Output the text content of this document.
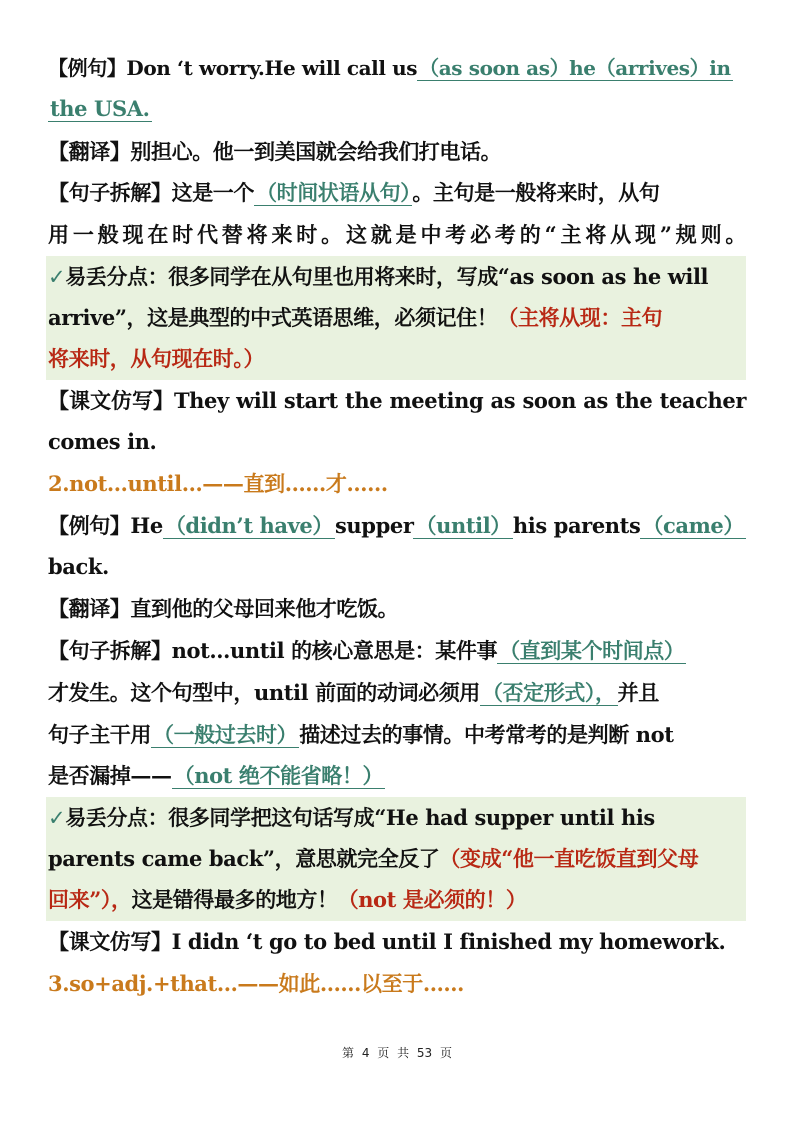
【例句】Don ‘t worry.He will call us （as soon as）he（arrives）in
the USA.
【翻译】别担心。他一到美国就会给我们打电话。
【句子拆解】这是一个（时间状语从句）。主句是一般将来时，从句
用一般现在时代替将来时。这就是中考必考的“主将从现”规则。
✓易丢分点：很多同学在从句里也用将来时，写成“as soon as he will
arrive”，这是典型的中式英语思维，必须记住！（主将从现：主句
将来时，从句现在时。）
【课文仿写】They will start the meeting as soon as the teacher
comes in.
2.not…until…——直到……才……
【例句】He（didn’t have）supper（until）his parents（came）
back.
【翻译】直到他的父母回来他才吃饭。
【句子拆解】not…until 的核心意思是：某件事（直到某个时间点）
才发生。这个句型中，until 前面的动词必须用（否定形式），并且
句子主干用（一般过去时）描述过去的事情。中考常考的是判断 not
是否漏掉——（not 绝不能省略！）
✓易丢分点：很多同学把这句话写成“He had supper until his
parents came back”，意思就完全反了（变成“他一直吃饭直到父母
回来”），这是错得最多的地方！（not 是必须的！）
【课文仿写】I didn ‘t go to bed until I finished my homework.
3.so+adj.+that…——如此……以至于……
第 4 页 共 53 页
